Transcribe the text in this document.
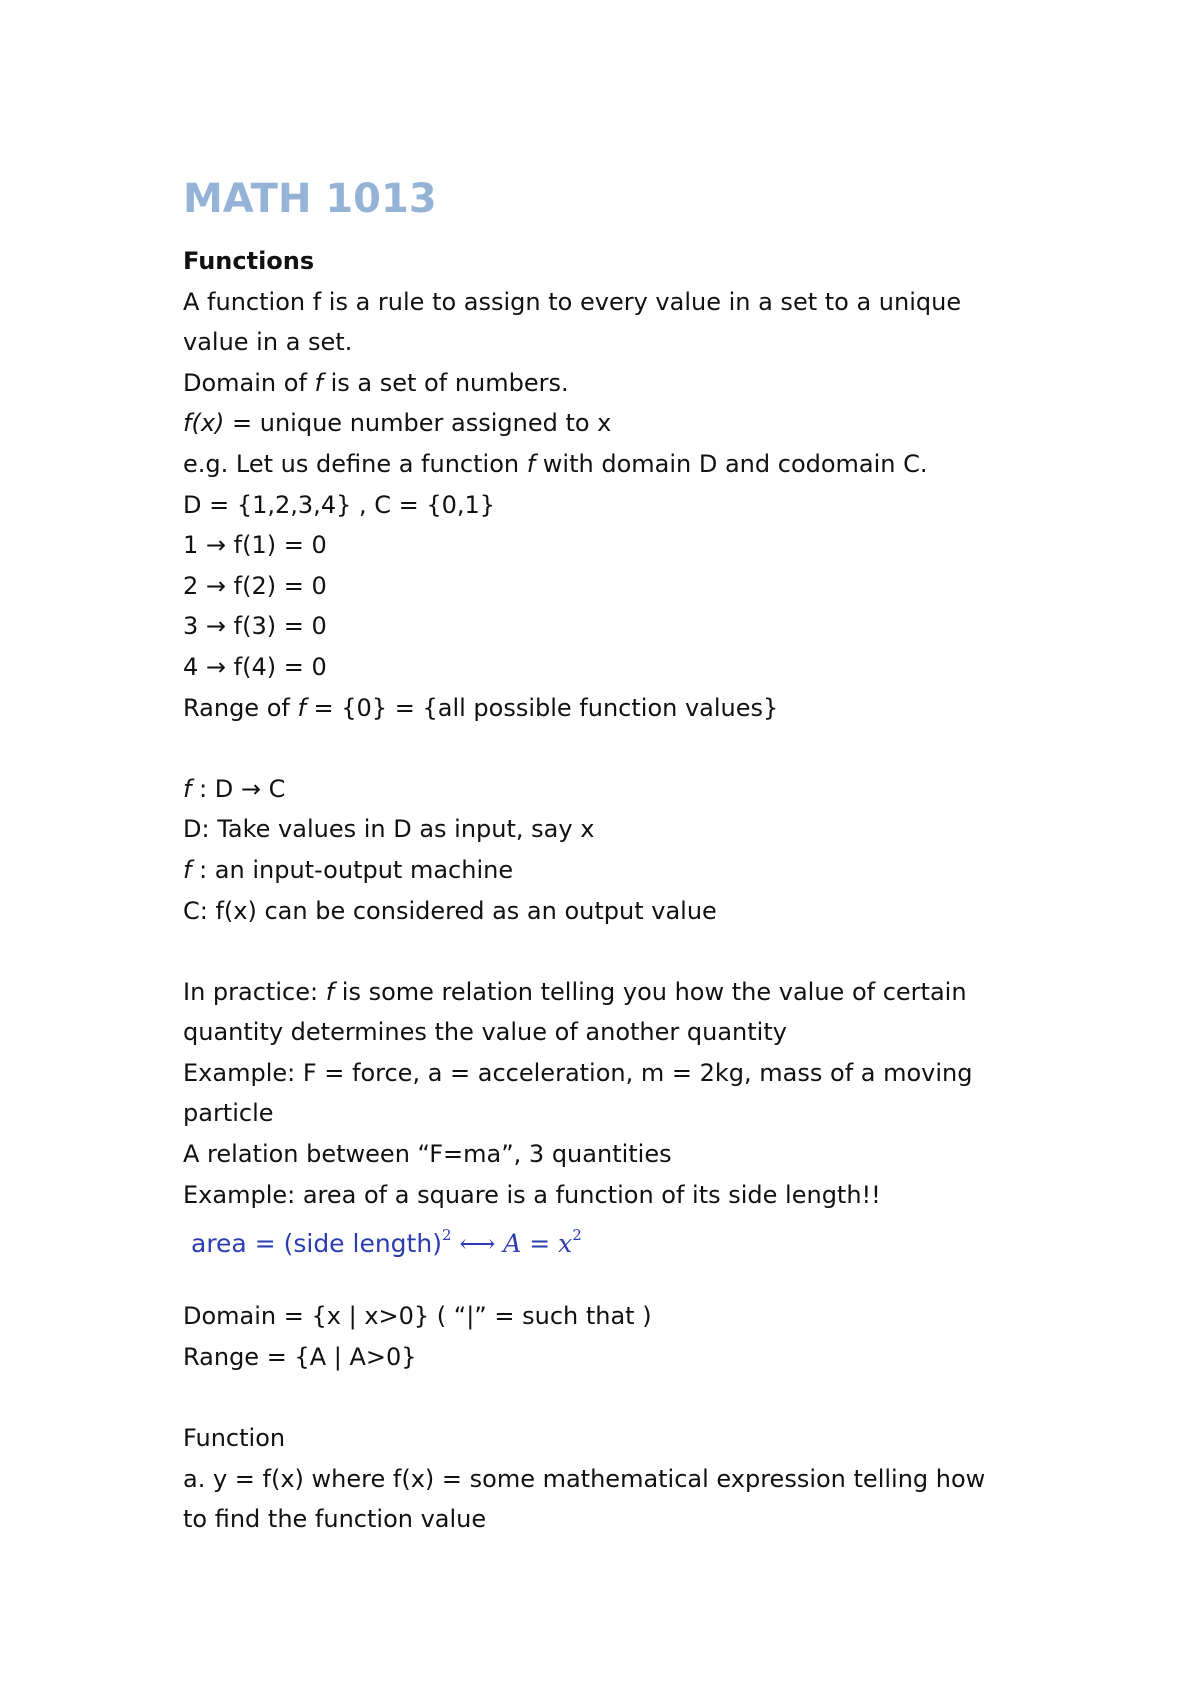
MATH 1013
Functions
A function f is a rule to assign to every value in a set to a unique
value in a set.
Domain of f is a set of numbers.
f(x) = unique number assigned to x
e.g. Let us define a function f with domain D and codomain C.
D = {1,2,3,4} , C = {0,1}
1 → f(1) = 0
2 → f(2) = 0
3 → f(3) = 0
4 → f(4) = 0
Range of f = {0} = {all possible function values}
f : D → C
D: Take values in D as input, say x
f : an input-output machine
C: f(x) can be considered as an output value
In practice: f is some relation telling you how the value of certain
quantity determines the value of another quantity
Example: F = force, a = acceleration, m = 2kg, mass of a moving
particle
A relation between “F=ma”, 3 quantities
Example: area of a square is a function of its side length!!
area = (side length)$^2$ ⟷ $A = x^2$
Domain = {x | x>0} ( “|” = such that )
Range = {A | A>0}
Function
a. y = f(x) where f(x) = some mathematical expression telling how
to find the function value
